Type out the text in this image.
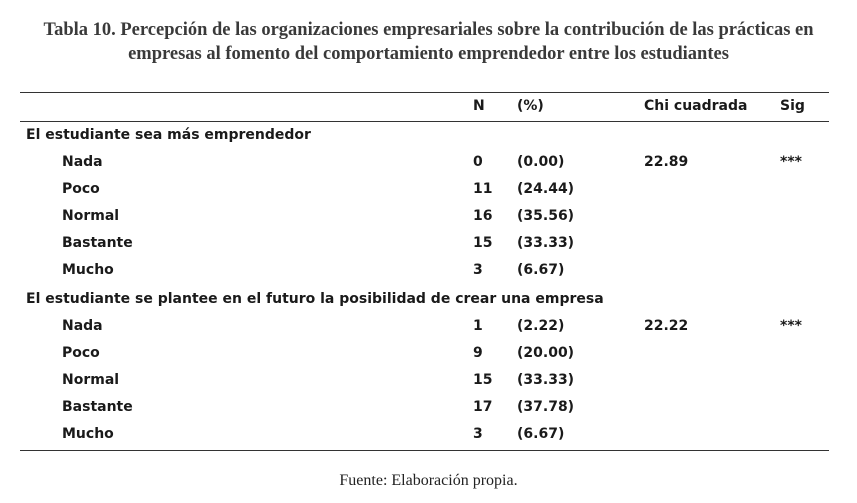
Tabla 10. Percepción de las organizaciones empresariales sobre la contribución de las prácticas en
empresas al fomento del comportamiento emprendedor entre los estudiantes
N (%)	Chi cuadrada Sig
El estudiante sea más emprendedor
Nada	0 (0.00)	22.89	***
Poco	11 (24.44)
Normal	16 (35.56)
Bastante	15 (33.33)
Mucho	3 (6.67)
El estudiante se plantee en el futuro la posibilidad de crear una empresa
Nada	1 (2.22)	22.22	***
Poco	9 (20.00)
Normal	15 (33.33)
Bastante	17 (37.78)
Mucho	3 (6.67)
Fuente: Elaboración propia.
